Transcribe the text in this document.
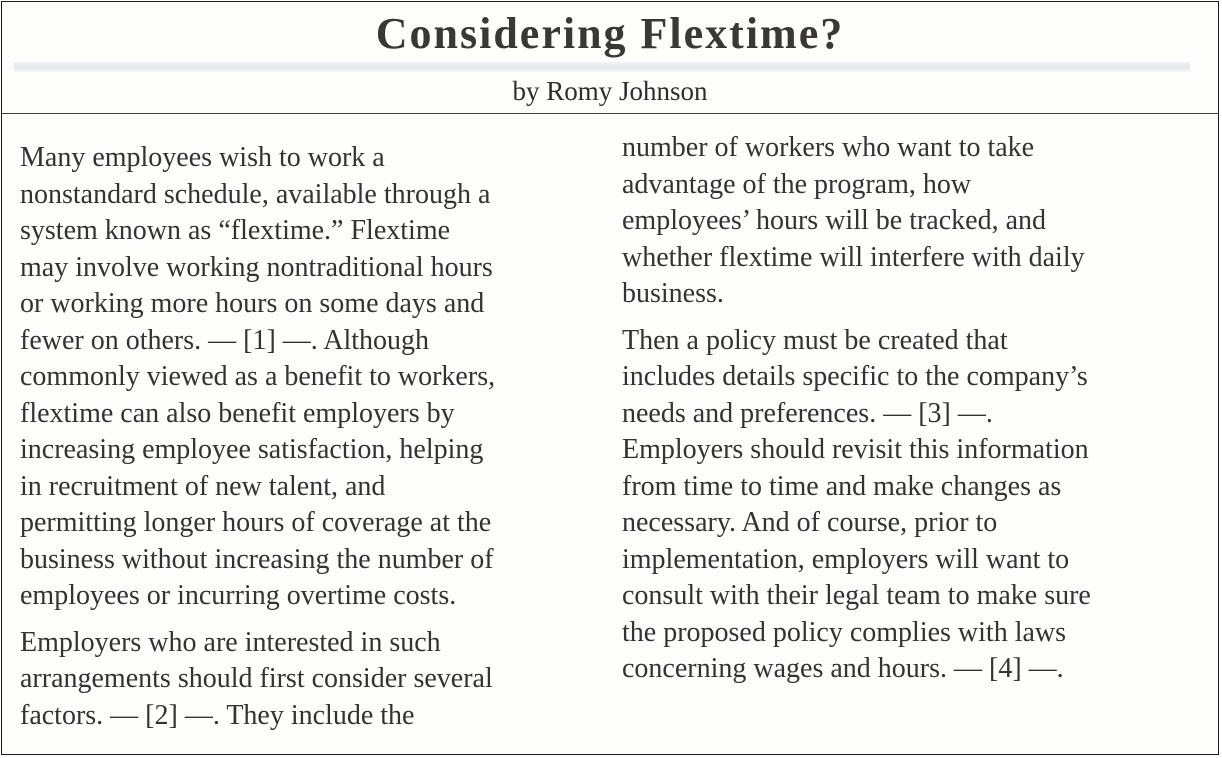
Considering Flextime?
by Romy Johnson
Many employees wish to work a
nonstandard schedule, available through a
system known as “flextime.” Flextime
may involve working nontraditional hours
or working more hours on some days and
fewer on others. — [1] —. Although
commonly viewed as a benefit to workers,
flextime can also benefit employers by
increasing employee satisfaction, helping
in recruitment of new talent, and
permitting longer hours of coverage at the
business without increasing the number of
employees or incurring overtime costs.
Employers who are interested in such
arrangements should first consider several
factors. — [2] —. They include the
number of workers who want to take
advantage of the program, how
employees’ hours will be tracked, and
whether flextime will interfere with daily
business.
Then a policy must be created that
includes details specific to the company’s
needs and preferences. — [3] —.
Employers should revisit this information
from time to time and make changes as
necessary. And of course, prior to
implementation, employers will want to
consult with their legal team to make sure
the proposed policy complies with laws
concerning wages and hours. — [4] —.
